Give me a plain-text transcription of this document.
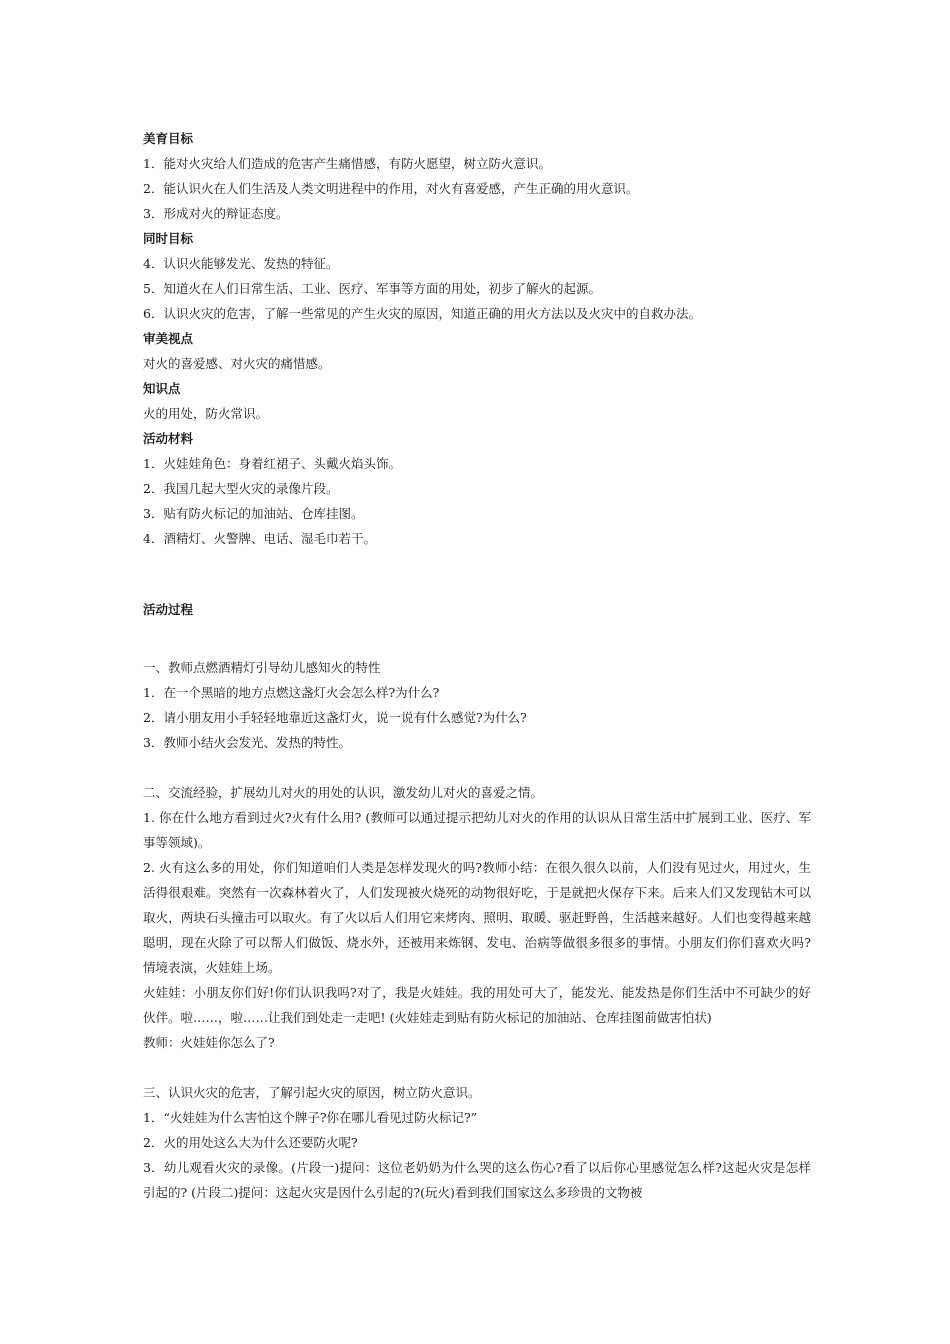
美育目标
1．能对火灾给人们造成的危害产生痛惜感，有防火愿望，树立防火意识。
2．能认识火在人们生活及人类文明进程中的作用，对火有喜爱感，产生正确的用火意识。
3．形成对火的辩证态度。
同时目标
4．认识火能够发光、发热的特征。
5．知道火在人们日常生活、工业、医疗、军事等方面的用处，初步了解火的起源。
6．认识火灾的危害，了解一些常见的产生火灾的原因，知道正确的用火方法以及火灾中的自救办法。
审美视点
对火的喜爱感、对火灾的痛惜感。
知识点
火的用处，防火常识。
活动材料
1．火娃娃角色：身着红裙子、头戴火焰头饰。
2．我国几起大型火灾的录像片段。
3．贴有防火标记的加油站、仓库挂图。
4．酒精灯、火警牌、电话、湿毛巾若干。
活动过程
一、教师点燃酒精灯引导幼儿感知火的特性
1．在一个黑暗的地方点燃这盏灯火会怎么样?为什么?
2．请小朋友用小手轻轻地靠近这盏灯火，说一说有什么感觉?为什么?
3．教师小结火会发光、发热的特性。
二、交流经验，扩展幼儿对火的用处的认识，激发幼儿对火的喜爱之情。
1. 你在什么地方看到过火?火有什么用? (教师可以通过提示把幼儿对火的作用的认识从日常生活中扩展到工业、医疗、军事等领域)。
2. 火有这么多的用处，你们知道咱们人类是怎样发现火的吗?教师小结：在很久很久以前，人们没有见过火，用过火，生活得很艰难。突然有一次森林着火了，人们发现被火烧死的动物很好吃，于是就把火保存下来。后来人们又发现钻木可以取火，两块石头撞击可以取火。有了火以后人们用它来烤肉、照明、取暖、驱赶野兽，生活越来越好。人们也变得越来越聪明，现在火除了可以帮人们做饭、烧水外，还被用来炼钢、发电、治病等做很多很多的事情。小朋友们你们喜欢火吗?情境表演，火娃娃上场。
火娃娃：小朋友你们好!你们认识我吗?对了，我是火娃娃。我的用处可大了，能发光、能发热是你们生活中不可缺少的好伙伴。啦……，啦……让我们到处走一走吧! (火娃娃走到贴有防火标记的加油站、仓库挂图前做害怕状)
教师：火娃娃你怎么了?
三、认识火灾的危害，了解引起火灾的原因，树立防火意识。
1．“火娃娃为什么害怕这个牌子?你在哪儿看见过防火标记?”
2．火的用处这么大为什么还要防火呢?
3．幼儿观看火灾的录像。(片段一)提问：这位老奶奶为什么哭的这么伤心?看了以后你心里感觉怎么样?这起火灾是怎样引起的? (片段二)提问：这起火灾是因什么引起的?(玩火)看到我们国家这么多珍贵的文物被
